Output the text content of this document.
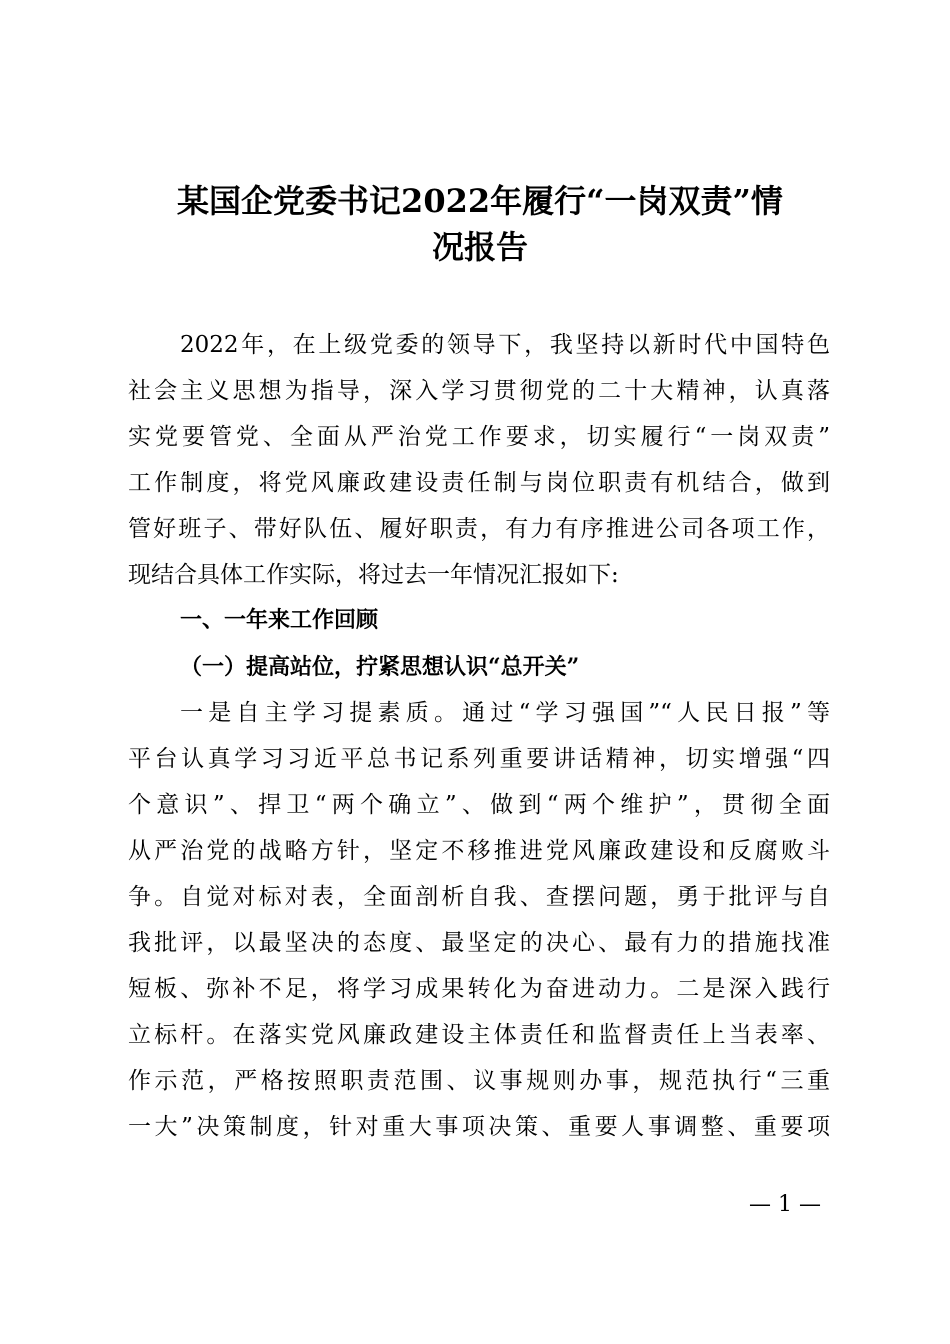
某国企党委书记2022年履行“一岗双责”情
况报告
2022年，在上级党委的领导下，我坚持以新时代中国特色
社会主义思想为指导，深入学习贯彻党的二十大精神，认真落
实党要管党、全面从严治党工作要求，切实履行“一岗双责”
工作制度，将党风廉政建设责任制与岗位职责有机结合，做到
管好班子、带好队伍、履好职责，有力有序推进公司各项工作，
现结合具体工作实际，将过去一年情况汇报如下:
一、一年来工作回顾
（一）提高站位，拧紧思想认识“总开关”
一是自主学习提素质。通过“学习强国”“人民日报”等
平台认真学习习近平总书记系列重要讲话精神，切实增强“四
个意识”、捍卫“两个确立”、做到“两个维护”，贯彻全面
从严治党的战略方针，坚定不移推进党风廉政建设和反腐败斗
争。自觉对标对表，全面剖析自我、查摆问题，勇于批评与自
我批评，以最坚决的态度、最坚定的决心、最有力的措施找准
短板、弥补不足，将学习成果转化为奋进动力。二是深入践行
立标杆。在落实党风廉政建设主体责任和监督责任上当表率、
作示范，严格按照职责范围、议事规则办事，规范执行“三重
一大”决策制度，针对重大事项决策、重要人事调整、重要项
— 1 —
